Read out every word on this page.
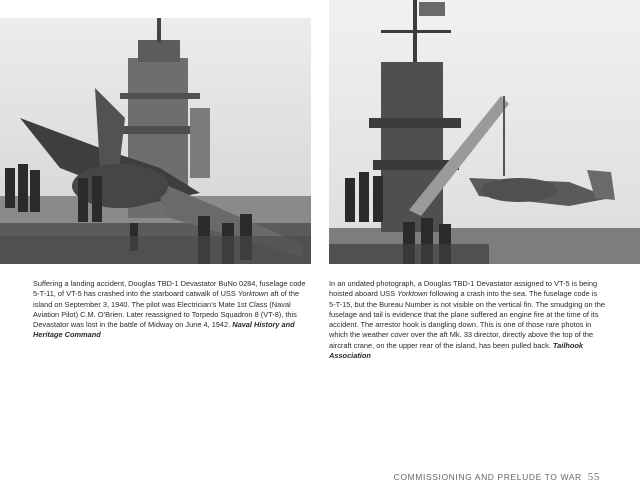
Suffering a landing accident, Douglas TBD-1 Devastator BuNo 0284, fuselage code 5-T-11, of VT-5 has crashed into the starboard catwalk of USS Yorktown aft of the island on September 3, 1940. The pilot was Electrician’s Mate 1st Class (Naval Aviation Pilot) C.M. O’Brien. Later reassigned to Torpedo Squadron 8 (VT-8), this Devastator was lost in the battle of Midway on June 4, 1942. Naval History and Heritage Command

In an undated photograph, a Douglas TBD-1 Devastator assigned to VT-5 is being hoisted aboard USS Yorktown following a crash into the sea. The fuselage code is 5-T-15, but the Bureau Number is not visible on the vertical fin. The smudging on the fuselage and tail is evidence that the plane suffered an engine fire at the time of its accident. The arrestor hook is dangling down. This is one of those rare photos in which the weather cover over the aft Mk. 33 director, directly above the top of the aircraft crane, on the upper rear of the island, has been pulled back. Tailhook Association

COMMISSIONING AND PRELUDE TO WAR 55
